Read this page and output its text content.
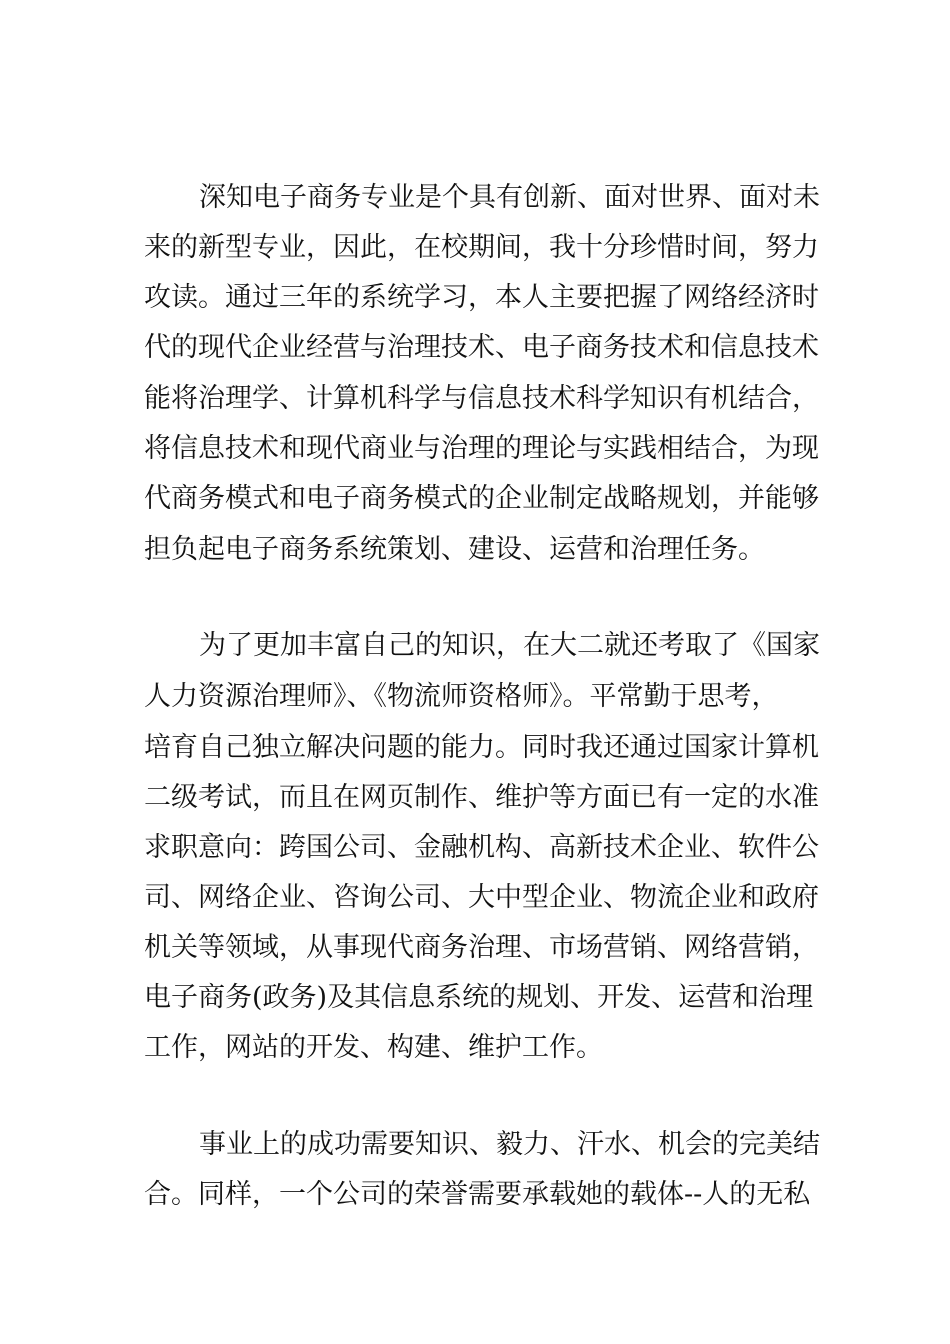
深知电子商务专业是个具有创新、面对世界、面对未
来的新型专业，因此，在校期间，我十分珍惜时间，努力
攻读。通过三年的系统学习，本人主要把握了网络经济时
代的现代企业经营与治理技术、电子商务技术和信息技术
能将治理学、计算机科学与信息技术科学知识有机结合，
将信息技术和现代商业与治理的理论与实践相结合，为现
代商务模式和电子商务模式的企业制定战略规划，并能够
担负起电子商务系统策划、建设、运营和治理任务。
为了更加丰富自己的知识，在大二就还考取了《国家
人力资源治理师》、《物流师资格师》。平常勤于思考，
培育自己独立解决问题的能力。同时我还通过国家计算机
二级考试，而且在网页制作、维护等方面已有一定的水准
求职意向：跨国公司、金融机构、高新技术企业、软件公
司、网络企业、咨询公司、大中型企业、物流企业和政府
机关等领域，从事现代商务治理、市场营销、网络营销，
电子商务(政务)及其信息系统的规划、开发、运营和治理
工作，网站的开发、构建、维护工作。
事业上的成功需要知识、毅力、汗水、机会的完美结
合。同样，一个公司的荣誉需要承载她的载体--人的无私
